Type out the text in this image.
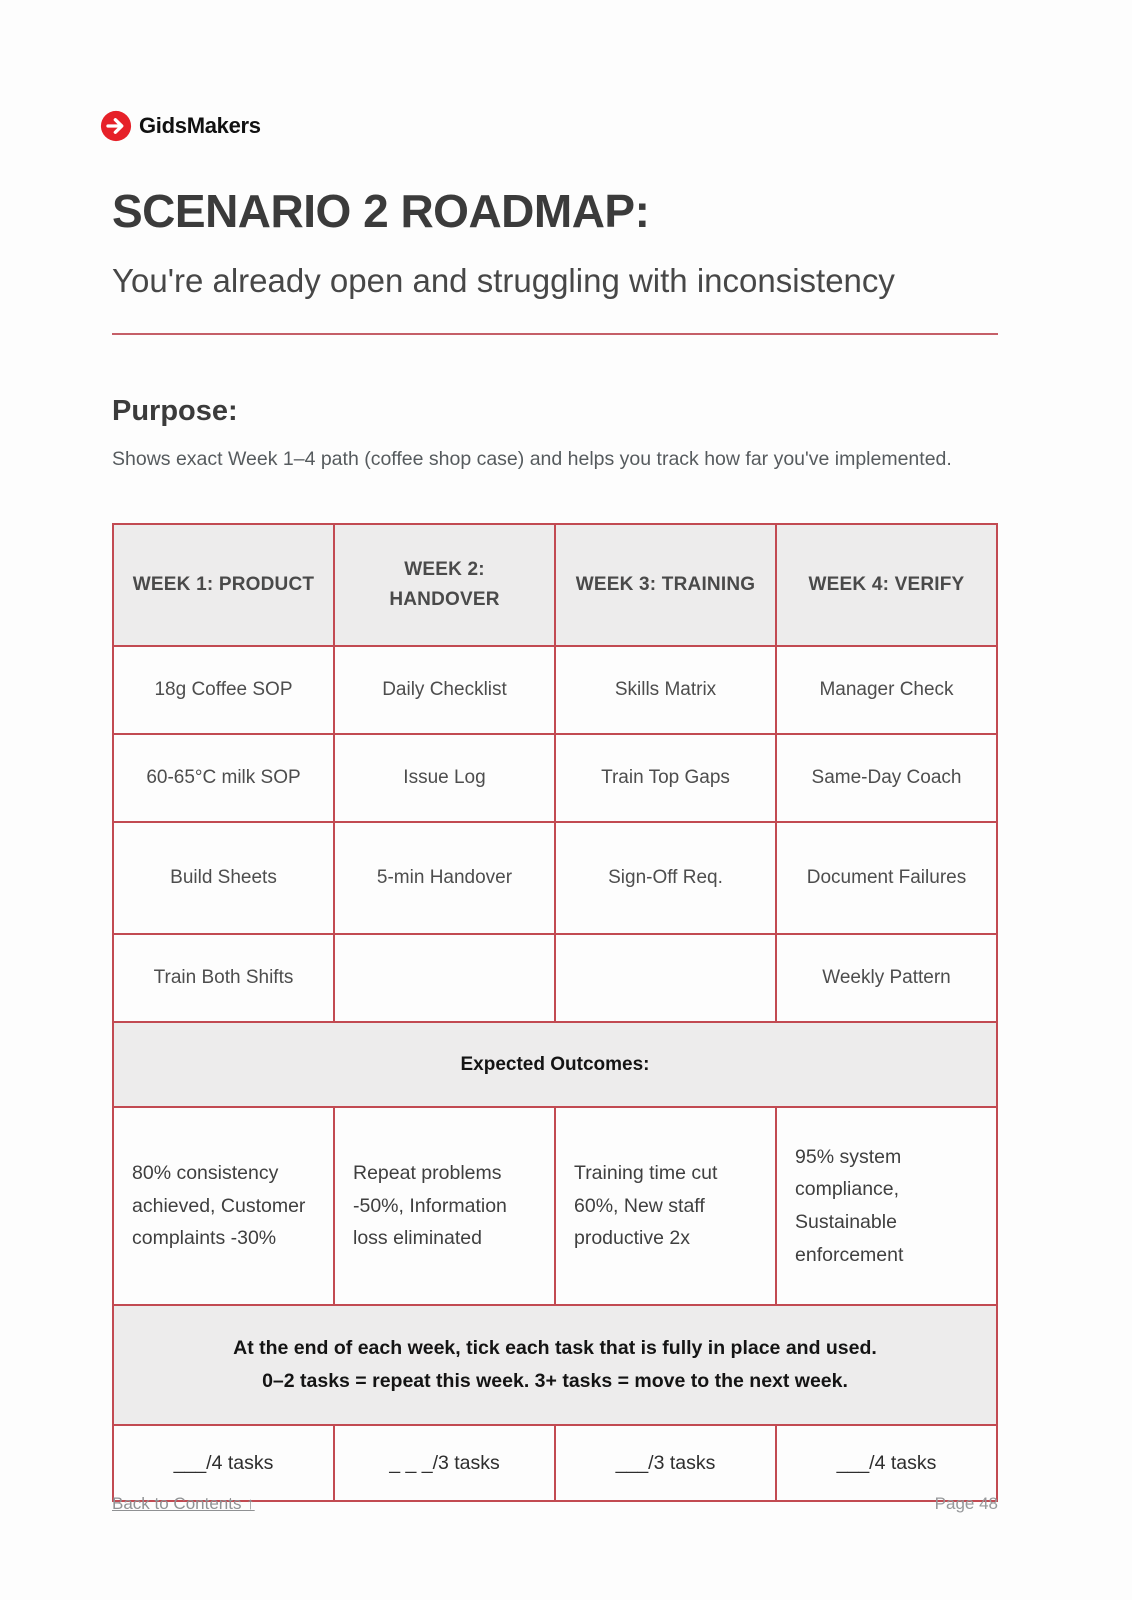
GidsMakers
SCENARIO 2 ROADMAP:
You're already open and struggling with inconsistency
Purpose:
Shows exact Week 1–4 path (coffee shop case) and helps you track how far you've implemented.
WEEK 1: PRODUCT	WEEK 2: HANDOVER	WEEK 3: TRAINING	WEEK 4: VERIFY
18g Coffee SOP	Daily Checklist	Skills Matrix	Manager Check
60-65°C milk SOP	Issue Log	Train Top Gaps	Same-Day Coach
Build Sheets	5-min Handover	Sign-Off Req.	Document Failures
Train Both Shifts			Weekly Pattern
Expected Outcomes:			
80% consistency achieved, Customer complaints -30%	Repeat problems -50%, Information loss eliminated	Training time cut 60%, New staff productive 2x	95% system compliance, Sustainable enforcement

At the end of each week, tick each task that is fully in place and used.
0–2 tasks = repeat this week. 3+ tasks = move to the next week.			

___/4 tasks	_ _ _/3 tasks	___/3 tasks	___/4 tasks
Back to Contents ↑	Page 48
